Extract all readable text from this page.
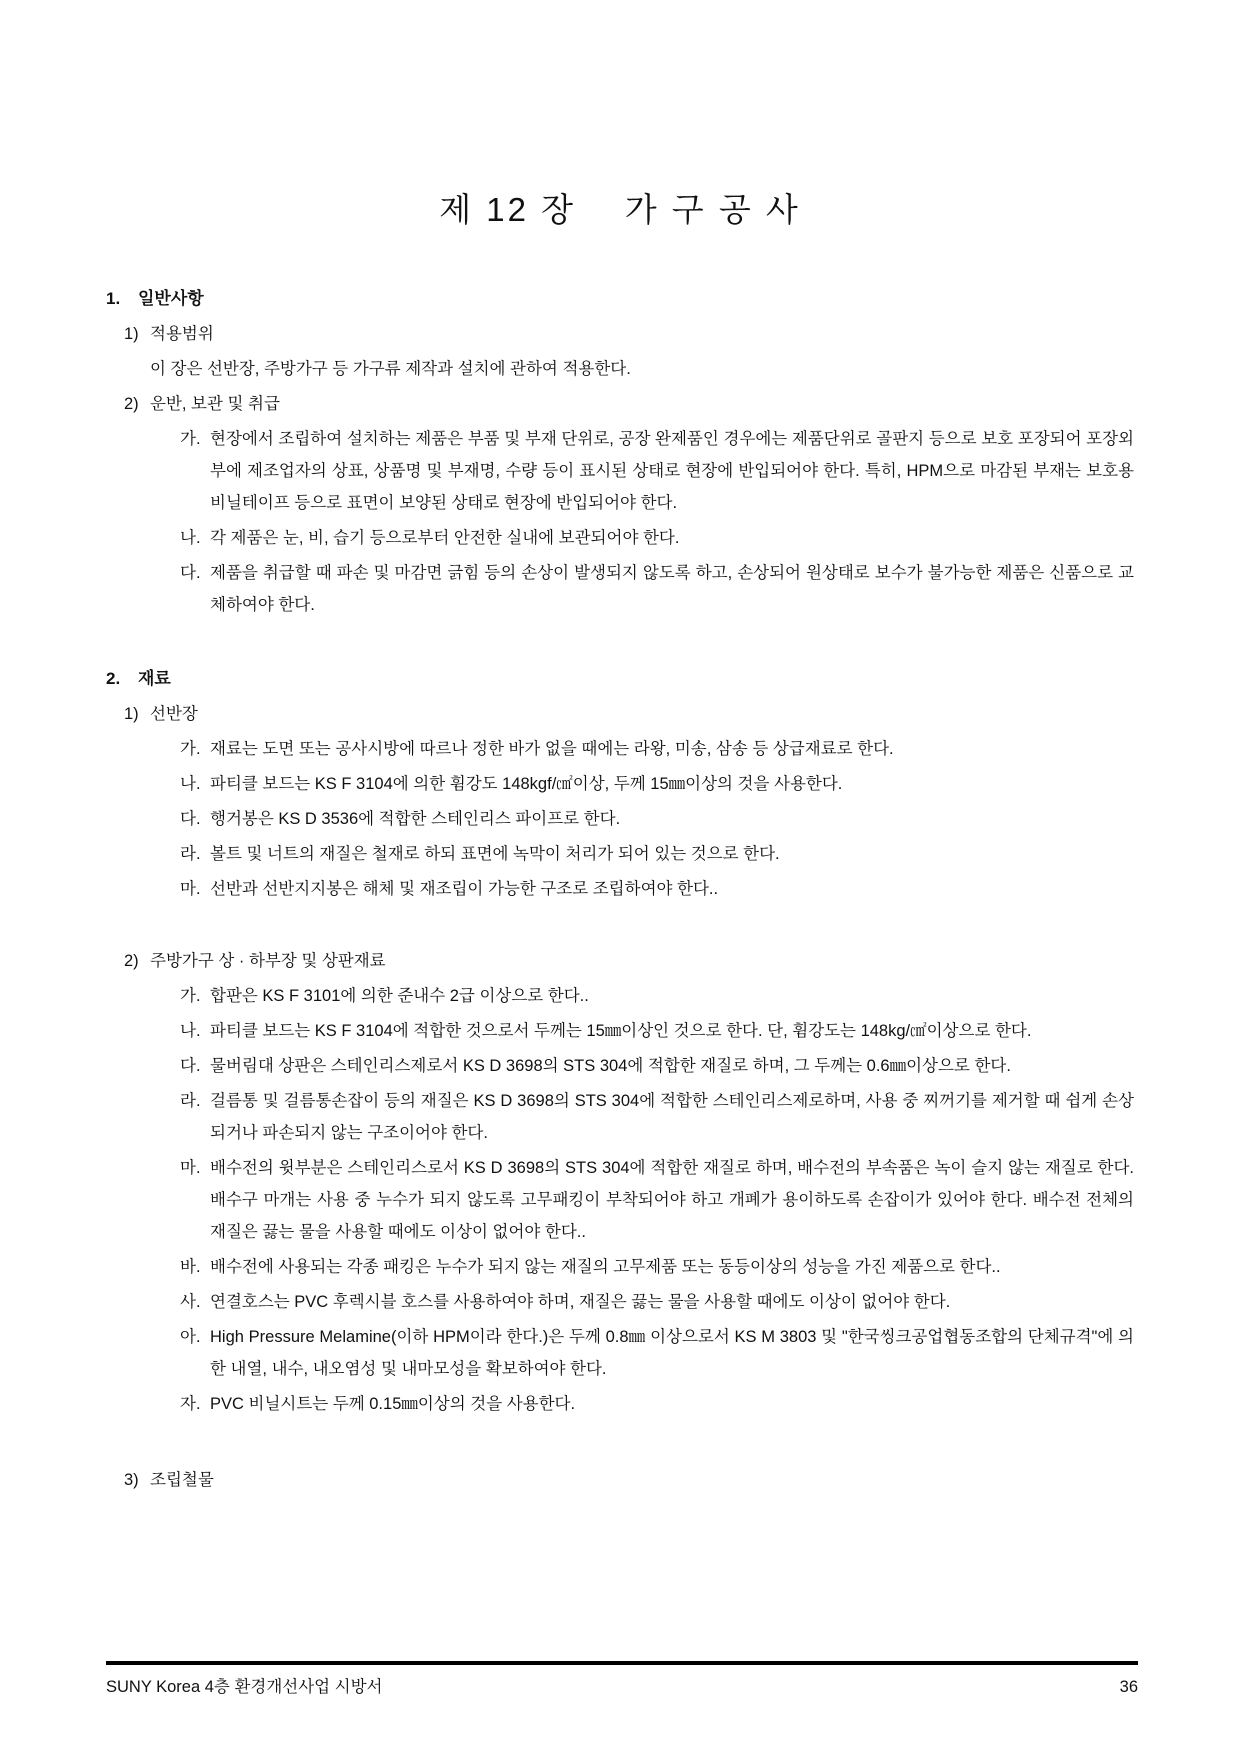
제 12 장    가 구 공 사

1. 일반사항

1) 적용범위

이 장은 선반장, 주방가구 등 가구류 제작과 설치에 관하여 적용한다.

2) 운반, 보관 및 취급

가. 현장에서 조립하여 설치하는 제품은 부품 및 부재 단위로, 공장 완제품인 경우에는 제품단위로 골판지 등으로 보호 포장되어 포장외부에 제조업자의 상표, 상품명 및 부재명, 수량 등이 표시된 상태로 현장에 반입되어야 한다. 특히, HPM으로 마감된 부재는 보호용 비닐테이프 등으로 표면이 보양된 상태로 현장에 반입되어야 한다.

나. 각 제품은 눈, 비, 습기 등으로부터 안전한 실내에 보관되어야 한다.

다. 제품을 취급할 때 파손 및 마감면 긁힘 등의 손상이 발생되지 않도록 하고, 손상되어 원상태로 보수가 불가능한 제품은 신품으로 교체하여야 한다.

2. 재료

1) 선반장

가. 재료는 도면 또는 공사시방에 따르나 정한 바가 없을 때에는 라왕, 미송, 삼송 등 상급재료로 한다.

나. 파티클 보드는 KS F 3104에 의한 휨강도 148kgf/㎠이상, 두께 15㎜이상의 것을 사용한다.

다. 행거봉은 KS D 3536에 적합한 스테인리스 파이프로 한다.

라. 볼트 및 너트의 재질은 철재로 하되 표면에 녹막이 처리가 되어 있는 것으로 한다.

마. 선반과 선반지지봉은 해체 및 재조립이 가능한 구조로 조립하여야 한다..

2) 주방가구 상 · 하부장 및 상판재료

가. 합판은 KS F 3101에 의한 준내수 2급 이상으로 한다..

나. 파티클 보드는 KS F 3104에 적합한 것으로서 두께는 15㎜이상인 것으로 한다. 단, 휨강도는 148kg/㎠이상으로 한다.

다. 물버림대 상판은 스테인리스제로서 KS D 3698의 STS 304에 적합한 재질로 하며, 그 두께는 0.6㎜이상으로 한다.

라. 걸름통 및 걸름통손잡이 등의 재질은 KS D 3698의 STS 304에 적합한 스테인리스제로하며, 사용 중 찌꺼기를 제거할 때 쉽게 손상되거나 파손되지 않는 구조이어야 한다.

마. 배수전의 윗부분은 스테인리스로서 KS D 3698의 STS 304에 적합한 재질로 하며, 배수전의 부속품은 녹이 슬지 않는 재질로 한다. 배수구 마개는 사용 중 누수가 되지 않도록 고무패킹이 부착되어야 하고 개폐가 용이하도록 손잡이가 있어야 한다. 배수전 전체의 재질은 끓는 물을 사용할 때에도 이상이 없어야 한다..

바. 배수전에 사용되는 각종 패킹은 누수가 되지 않는 재질의 고무제품 또는 동등이상의 성능을 가진 제품으로 한다..

사. 연결호스는 PVC 후렉시블 호스를 사용하여야 하며, 재질은 끓는 물을 사용할 때에도 이상이 없어야 한다.

아. High Pressure Melamine(이하 HPM이라 한다.)은 두께 0.8㎜ 이상으로서 KS M 3803 및 "한국씽크공업협동조합의 단체규격"에 의한 내열, 내수, 내오염성 및 내마모성을 확보하여야 한다.

자. PVC 비닐시트는 두께 0.15㎜이상의 것을 사용한다.

3) 조립철물

SUNY Korea 4층 환경개선사업 시방서	36
